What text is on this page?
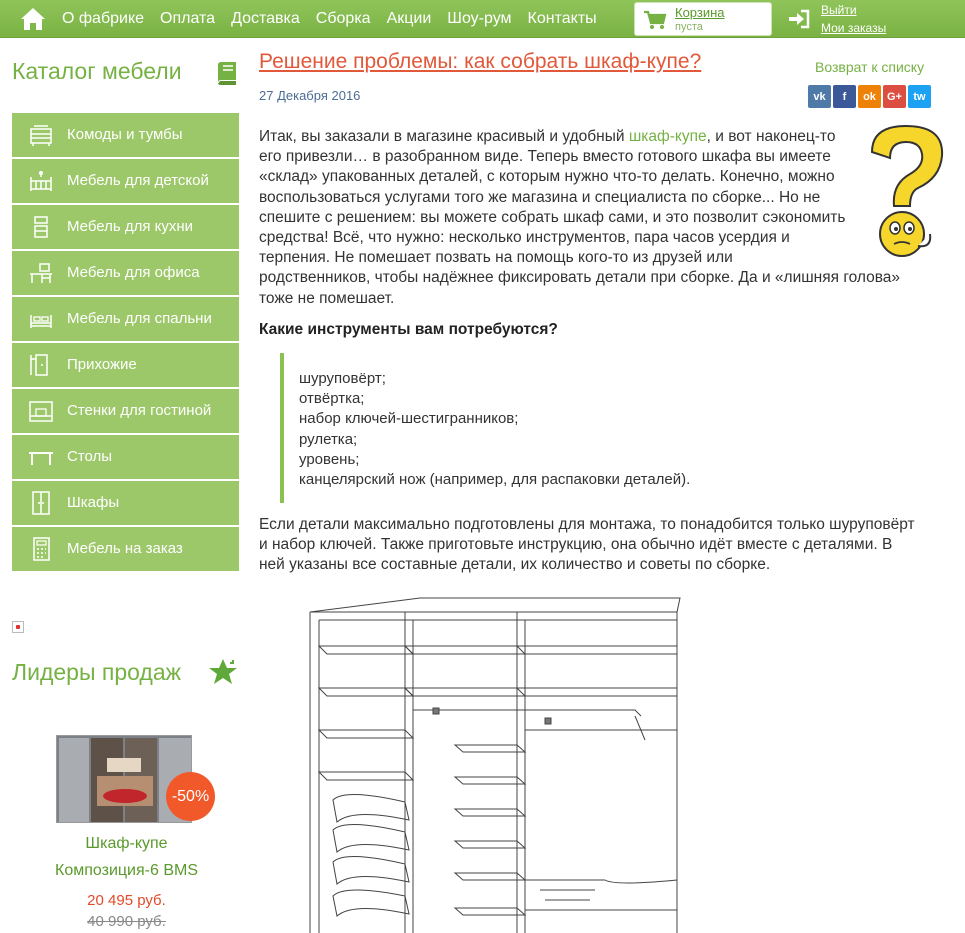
О фабрике Оплата Доставка Сборка Акции Шоу-рум Контакты	Корзина
пуста
Выйти
Мои заказы
Каталог мебели
Комоды и тумбы
Мебель для детской
Мебель для кухни
Мебель для офиса
Мебель для спальни
Прихожие
Стенки для гостиной
Столы
Шкафы
Мебель на заказ
Лидеры продаж
-50%
Шкаф-купе
Композиция-6 BMS
20 495 руб.
40 990 руб.
Решение проблемы: как собрать шкаф-купе?
27 Декабря 2016
Возврат к списку
vk f ok G+ tw
Итак, вы заказали в магазине красивый и удобный шкаф-купе, и вот наконец-то
его привезли… в разобранном виде. Теперь вместо готового шкафа вы имеете
«склад» упакованных деталей, с которым нужно что-то делать. Конечно, можно
воспользоваться услугами того же магазина и специалиста по сборке... Но не
спешите с решением: вы можете собрать шкаф сами, и это позволит сэкономить
средства! Всё, что нужно: несколько инструментов, пара часов усердия и
терпения. Не помешает позвать на помощь кого-то из друзей или
родственников, чтобы надёжнее фиксировать детали при сборке. Да и «лишняя голова»
тоже не помешает.
Какие инструменты вам потребуются?
шуруповёрт;
отвёртка;
набор ключей-шестигранников;
рулетка;
уровень;
канцелярский нож (например, для распаковки деталей).
Если детали максимально подготовлены для монтажа, то понадобится только шуруповёрт
и набор ключей. Также приготовьте инструкцию, она обычно идёт вместе с деталями. В
ней указаны все составные детали, их количество и советы по сборке.
